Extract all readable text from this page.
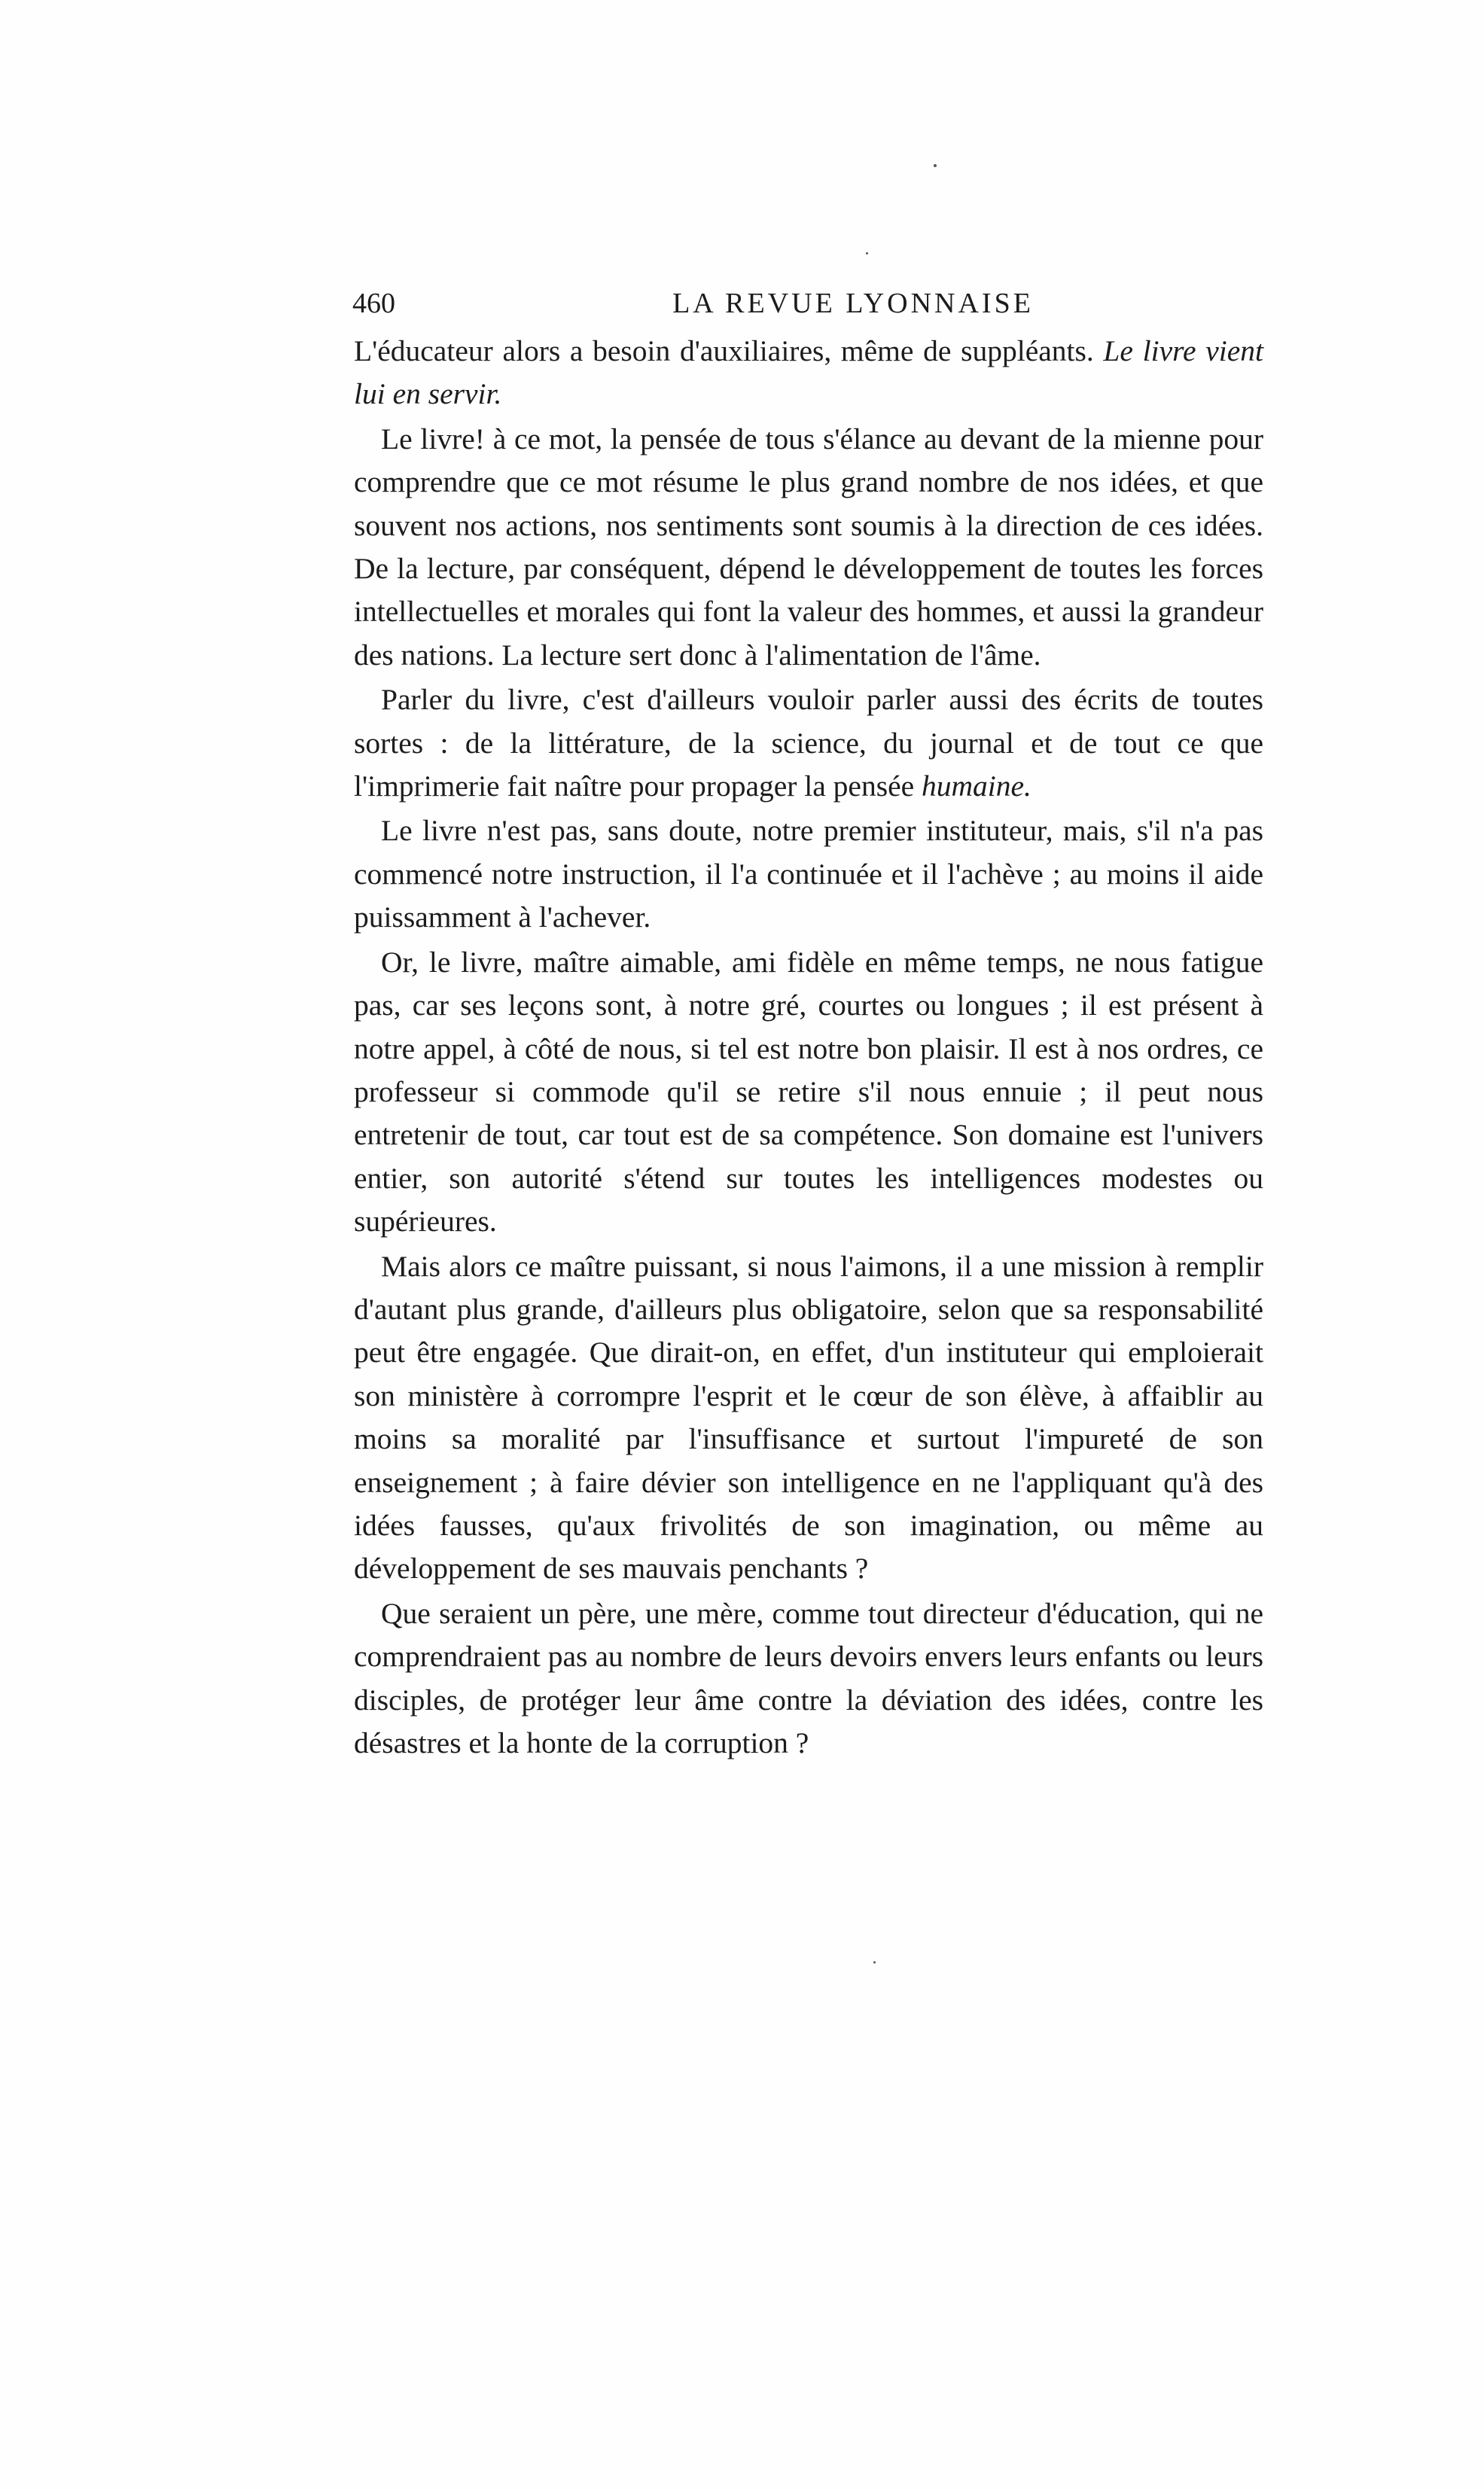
460	LA REVUE LYONNAISE

L'éducateur alors a besoin d'auxiliaires, même de suppléants. Le livre vient lui en servir.

Le livre! à ce mot, la pensée de tous s'élance au devant de la mienne pour comprendre que ce mot résume le plus grand nombre de nos idées, et que souvent nos actions, nos sentiments sont soumis à la direction de ces idées. De la lecture, par conséquent, dépend le développement de toutes les forces intellectuelles et morales qui font la valeur des hommes, et aussi la grandeur des nations. La lecture sert donc à l'alimentation de l'âme.

Parler du livre, c'est d'ailleurs vouloir parler aussi des écrits de toutes sortes : de la littérature, de la science, du journal et de tout ce que l'imprimerie fait naître pour propager la pensée humaine.

Le livre n'est pas, sans doute, notre premier instituteur, mais, s'il n'a pas commencé notre instruction, il l'a continuée et il l'achève ; au moins il aide puissamment à l'achever.

Or, le livre, maître aimable, ami fidèle en même temps, ne nous fatigue pas, car ses leçons sont, à notre gré, courtes ou longues ; il est présent à notre appel, à côté de nous, si tel est notre bon plaisir. Il est à nos ordres, ce professeur si commode qu'il se retire s'il nous ennuie ; il peut nous entretenir de tout, car tout est de sa compétence. Son domaine est l'univers entier, son autorité s'étend sur toutes les intelligences modestes ou supérieures.

Mais alors ce maître puissant, si nous l'aimons, il a une mission à remplir d'autant plus grande, d'ailleurs plus obligatoire, selon que sa responsabilité peut être engagée. Que dirait-on, en effet, d'un instituteur qui emploierait son ministère à corrompre l'esprit et le cœur de son élève, à affaiblir au moins sa moralité par l'insuffisance et surtout l'impureté de son enseignement ; à faire dévier son intelligence en ne l'appliquant qu'à des idées fausses, qu'aux frivolités de son imagination, ou même au développement de ses mauvais penchants ?

Que seraient un père, une mère, comme tout directeur d'éducation, qui ne comprendraient pas au nombre de leurs devoirs envers leurs enfants ou leurs disciples, de protéger leur âme contre la déviation des idées, contre les désastres et la honte de la corruption ?
